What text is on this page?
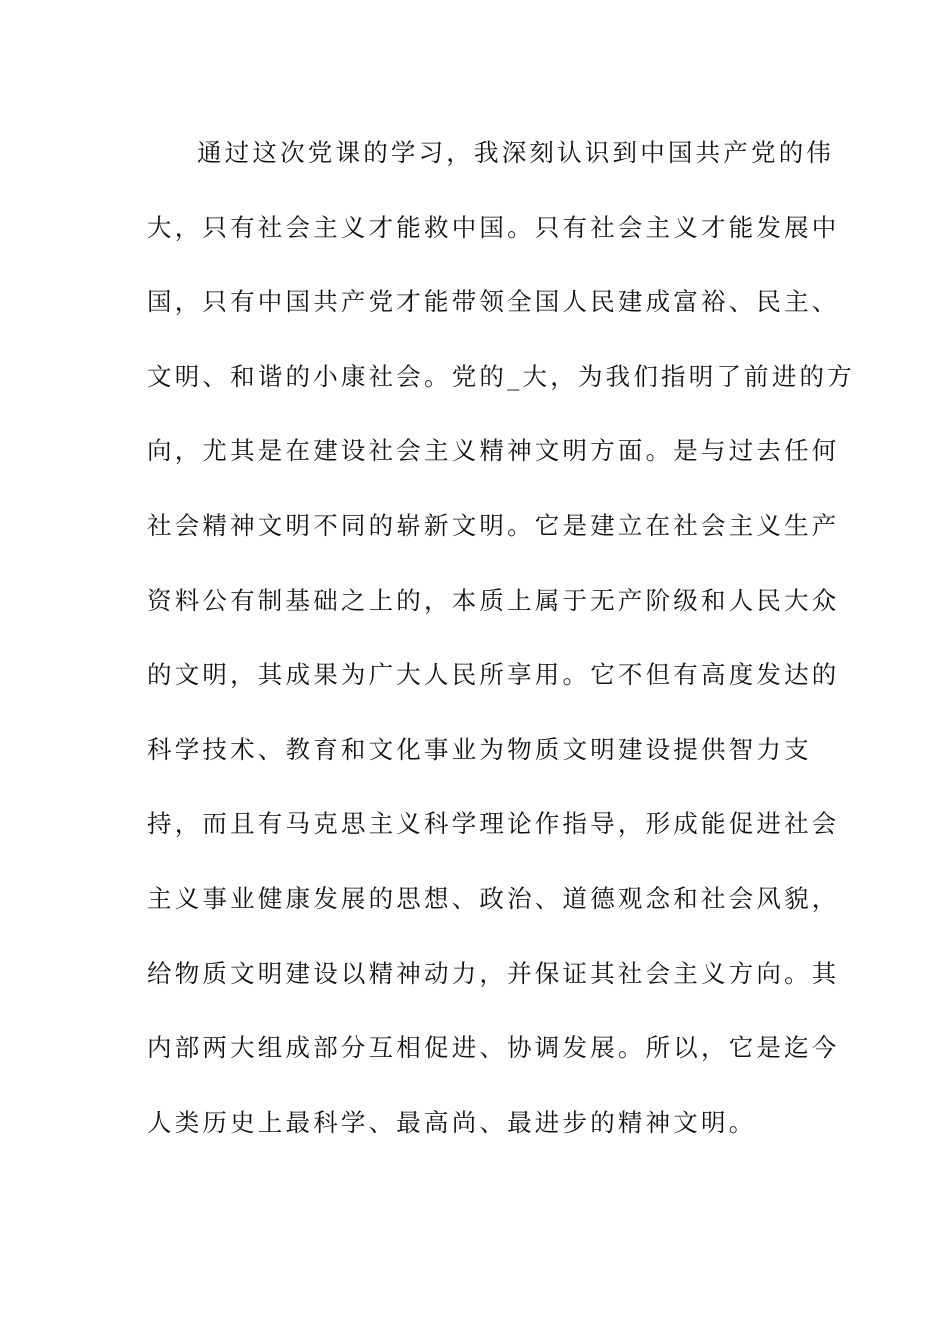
通过这次党课的学习，我深刻认识到中国共产党的伟
大，只有社会主义才能救中国。只有社会主义才能发展中
国，只有中国共产党才能带领全国人民建成富裕、民主、
文明、和谐的小康社会。党的_大，为我们指明了前进的方
向，尤其是在建设社会主义精神文明方面。是与过去任何
社会精神文明不同的崭新文明。它是建立在社会主义生产
资料公有制基础之上的，本质上属于无产阶级和人民大众
的文明，其成果为广大人民所享用。它不但有高度发达的
科学技术、教育和文化事业为物质文明建设提供智力支
持，而且有马克思主义科学理论作指导，形成能促进社会
主义事业健康发展的思想、政治、道德观念和社会风貌，
给物质文明建设以精神动力，并保证其社会主义方向。其
内部两大组成部分互相促进、协调发展。所以，它是迄今
人类历史上最科学、最高尚、最进步的精神文明。
